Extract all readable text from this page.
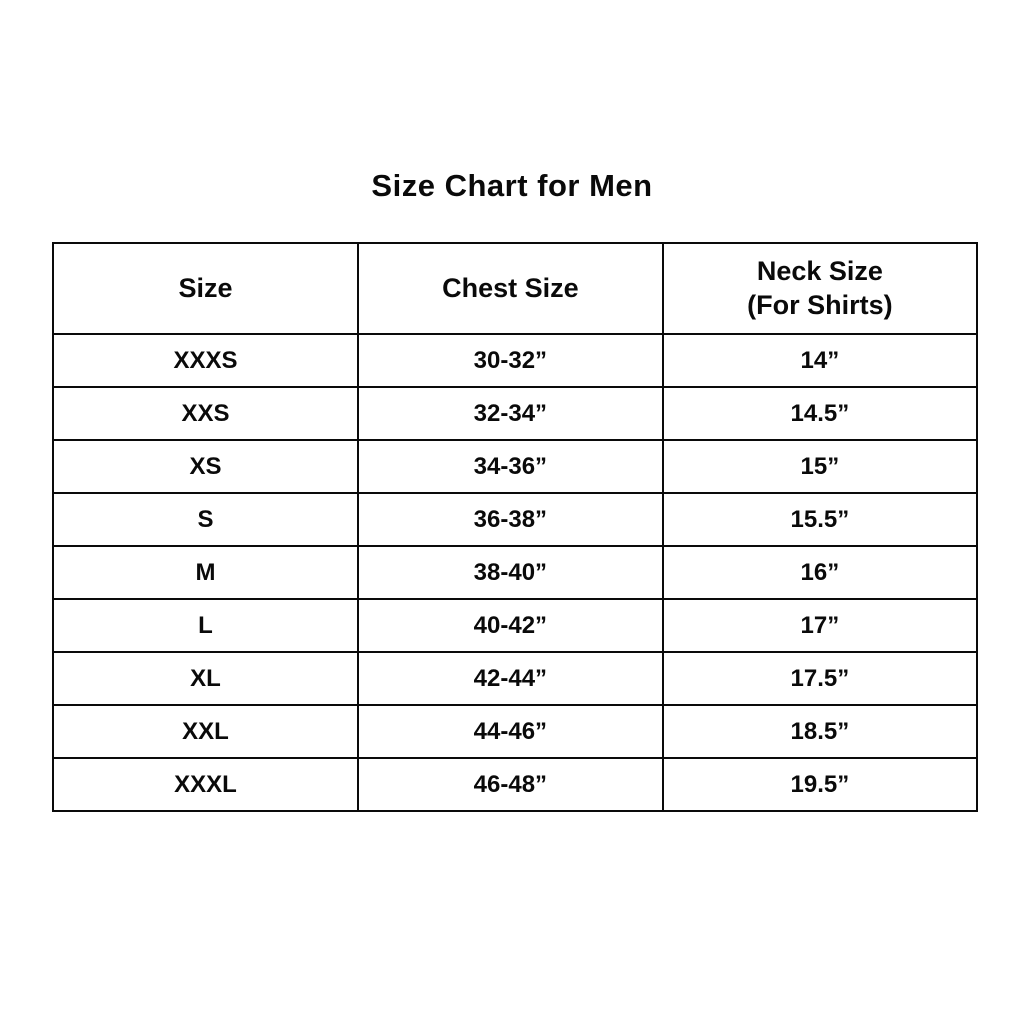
Size Chart for Men
Size	Chest Size	Neck Size
(For Shirts)
XXXS	30-32”	14”
XXS	32-34”	14.5”
XS	34-36”	15”
S	36-38”	15.5”
M	38-40”	16”
L	40-42”	17”
XL	42-44”	17.5”
XXL	44-46”	18.5”
XXXL	46-48”	19.5”
